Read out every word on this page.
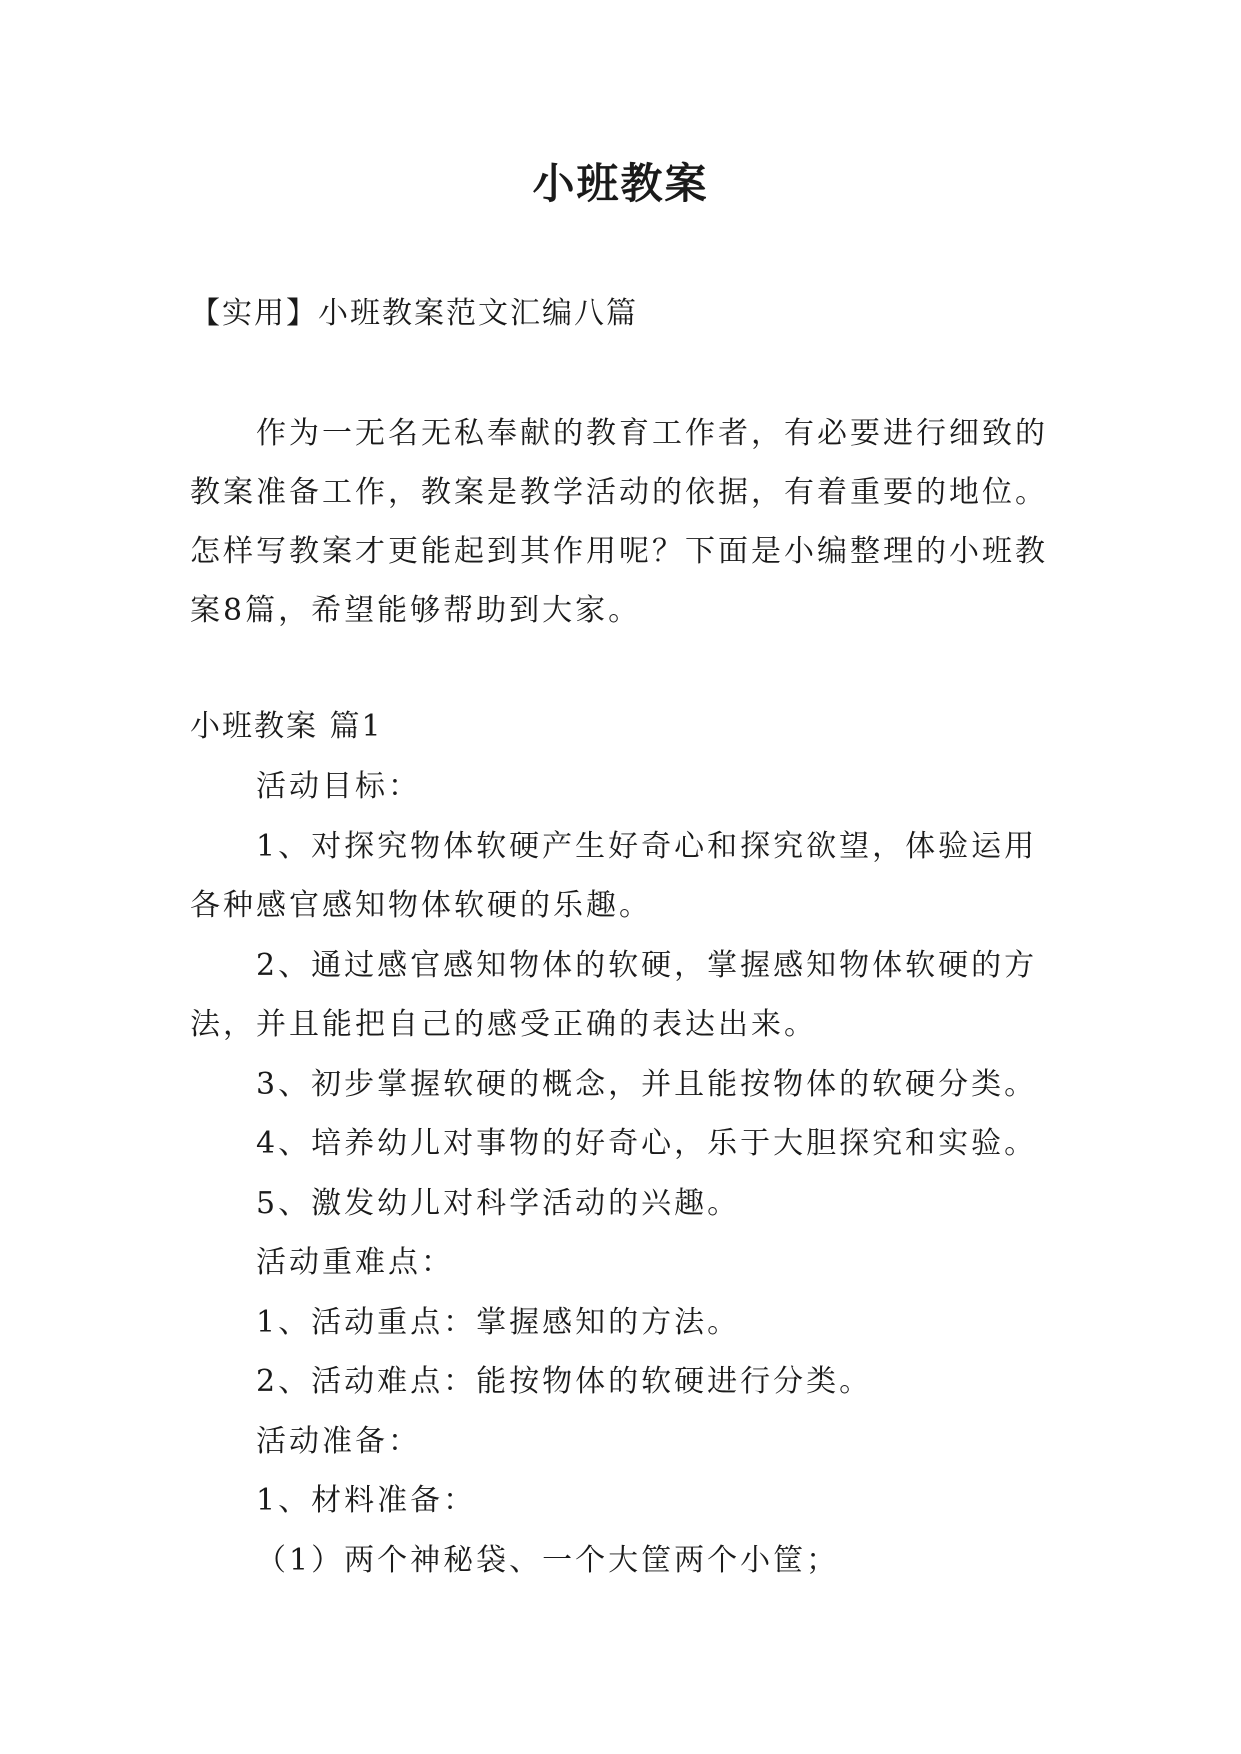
小班教案
【实用】小班教案范文汇编八篇

作为一无名无私奉献的教育工作者，有必要进行细致的教案准备工作，教案是教学活动的依据，有着重要的地位。怎样写教案才更能起到其作用呢？下面是小编整理的小班教案8篇，希望能够帮助到大家。

小班教案 篇1

活动目标：

1、对探究物体软硬产生好奇心和探究欲望，体验运用各种感官感知物体软硬的乐趣。

2、通过感官感知物体的软硬，掌握感知物体软硬的方法，并且能把自己的感受正确的表达出来。

3、初步掌握软硬的概念，并且能按物体的软硬分类。

4、培养幼儿对事物的好奇心，乐于大胆探究和实验。

5、激发幼儿对科学活动的兴趣。

活动重难点：

1、活动重点：掌握感知的方法。

2、活动难点：能按物体的软硬进行分类。

活动准备：

1、材料准备：

（1）两个神秘袋、一个大筐两个小筐；
